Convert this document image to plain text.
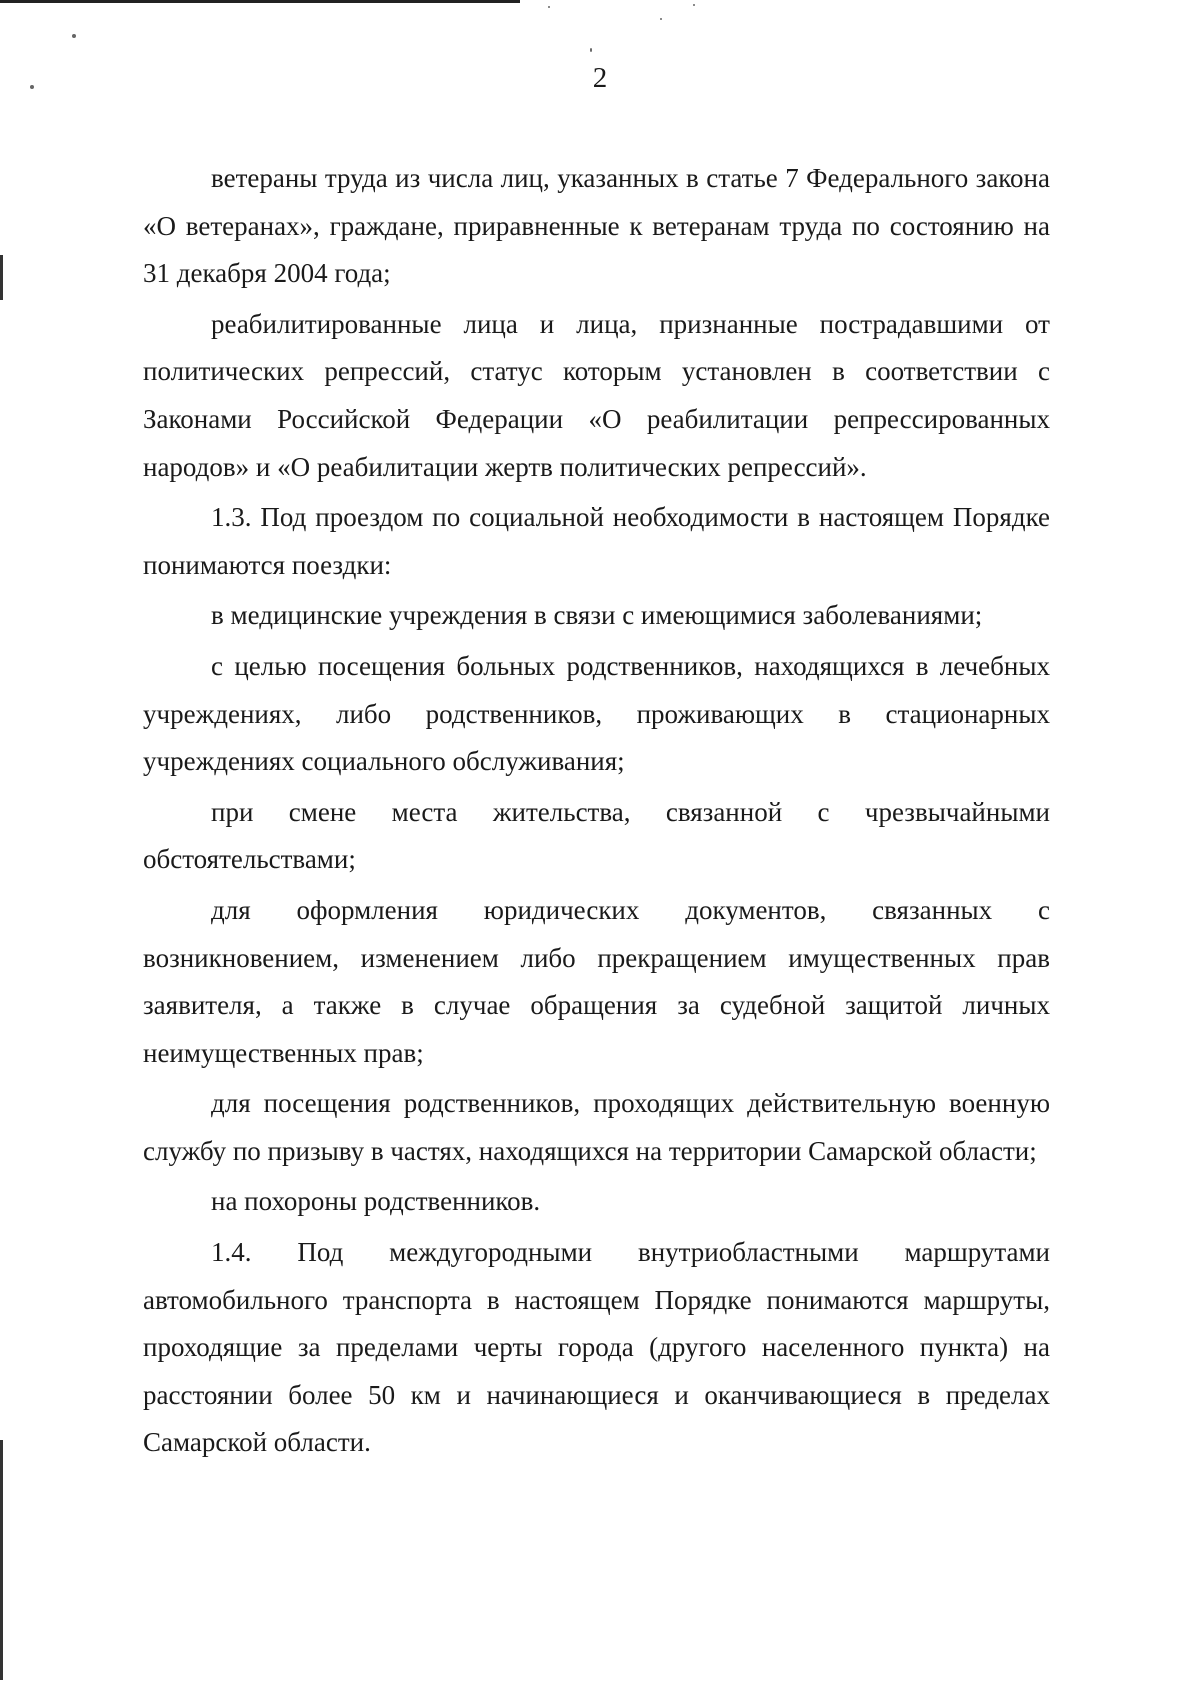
2

ветераны труда из числа лиц, указанных в статье 7 Федерального закона «О ветеранах», граждане, приравненные к ветеранам труда по состоянию на 31 декабря 2004 года;

реабилитированные лица и лица, признанные пострадавшими от политических репрессий, статус которым установлен в соответствии с Законами Российской Федерации «О реабилитации репрессированных народов» и «О реабилитации жертв политических репрессий».

1.3. Под проездом по социальной необходимости в настоящем Порядке понимаются поездки:

в медицинские учреждения в связи с имеющимися заболеваниями;

с целью посещения больных родственников, находящихся в лечебных учреждениях, либо родственников, проживающих в стационарных учреждениях социального обслуживания;

при смене места жительства, связанной с чрезвычайными обстоятельствами;

для оформления юридических документов, связанных с возникновением, изменением либо прекращением имущественных прав заявителя, а также в случае обращения за судебной защитой личных неимущественных прав;

для посещения родственников, проходящих действительную военную службу по призыву в частях, находящихся на территории Самарской области;

на похороны родственников.

1.4. Под междугородными внутриобластными маршрутами автомобильного транспорта в настоящем Порядке понимаются маршруты, проходящие за пределами черты города (другого населенного пункта) на расстоянии более 50 км и начинающиеся и оканчивающиеся в пределах Самарской области.
